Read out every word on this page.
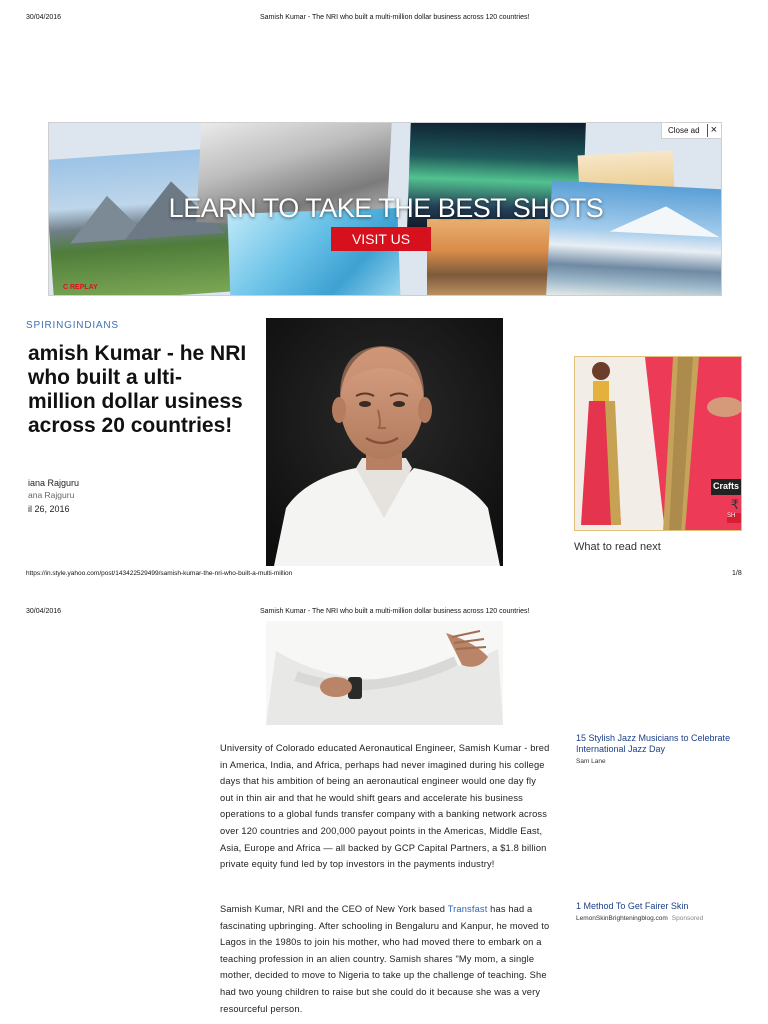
30/04/2016	Samish Kumar - The NRI who built a multi-million dollar business across 120 countries!
LEARN TO TAKE THE BEST SHOTS
VISIT US
C REPLAY
Close ad ×
SPIRINGINDIANS
amish Kumar - he NRI who built a ulti-million dollar usiness across 20 countries!
iana Rajguru
ana Rajguru
il 26, 2016
Crafts
₹
SH
What to read next
https://in.style.yahoo.com/post/143422529499/samish-kumar-the-nri-who-built-a-multi-million	1/8
30/04/2016	Samish Kumar - The NRI who built a multi-million dollar business across 120 countries!
University of Colorado educated Aeronautical Engineer, Samish Kumar - bred in America, India, and Africa, perhaps had never imagined during his college days that his ambition of being an aeronautical engineer would one day fly out in thin air and that he would shift gears and accelerate his business operations to a global funds transfer company with a banking network across over 120 countries and 200,000 payout points in the Americas, Middle East, Asia, Europe and Africa — all backed by GCP Capital Partners, a $1.8 billion private equity fund led by top investors in the payments industry!
Samish Kumar, NRI and the CEO of New York based Transfast has had a fascinating upbringing. After schooling in Bengaluru and Kanpur, he moved to Lagos in the 1980s to join his mother, who had moved there to embark on a teaching profession in an alien country. Samish shares "My mom, a single mother, decided to move to Nigeria to take up the challenge of teaching. She had two young children to raise but she could do it because she was a very resourceful person.
15 Stylish Jazz Musicians to Celebrate International Jazz Day
Sam Lane
1 Method To Get Fairer Skin
LemonSkinBrighteningblog.com Sponsored
